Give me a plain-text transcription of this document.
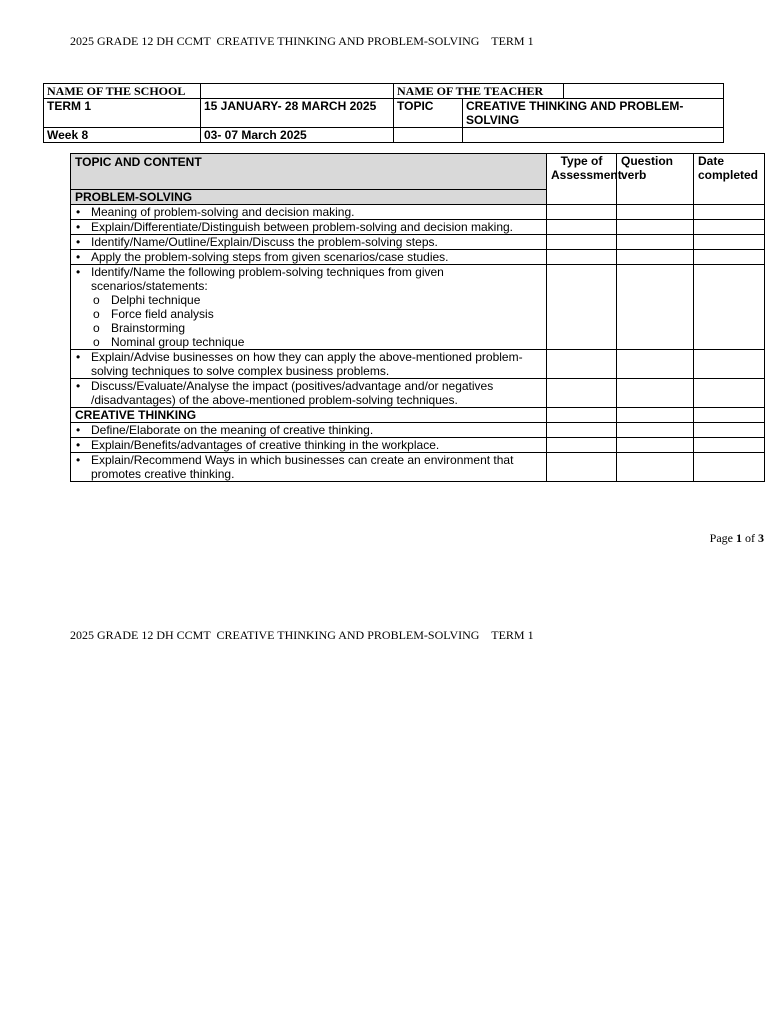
2025 GRADE 12 DH CCMT  CREATIVE THINKING AND PROBLEM-SOLVING    TERM 1
NAME OF THE SCHOOL		NAME OF THE TEACHER		
TERM 1	15 JANUARY- 28 MARCH 2025	TOPIC	CREATIVE THINKING AND PROBLEM-SOLVING	
Week 8	03- 07 March 2025			
TOPIC AND CONTENT	Type of Assessment	Question verb	Date completed
PROBLEM-SOLVING			

• Meaning of problem-solving and decision making.

• Explain/Differentiate/Distinguish between problem-solving and decision making.

• Identify/Name/Outline/Explain/Discuss the problem-solving steps.

• Apply the problem-solving steps from given scenarios/case studies.

• Identify/Name the following problem-solving techniques from given scenarios/statements:
o Delphi technique
o Force field analysis
o Brainstorming
o Nominal group technique

• Explain/Advise businesses on how they can apply the above-mentioned problem-solving techniques to solve complex business problems.

• Discuss/Evaluate/Analyse the impact (positives/advantage and/or negatives /disadvantages) of the above-mentioned problem-solving techniques.

CREATIVE THINKING			

• Define/Elaborate on the meaning of creative thinking.

• Explain/Benefits/advantages of creative thinking in the workplace.

• Explain/Recommend Ways in which businesses can create an environment that promotes creative thinking.

Page 1 of 3
2025 GRADE 12 DH CCMT  CREATIVE THINKING AND PROBLEM-SOLVING    TERM 1
